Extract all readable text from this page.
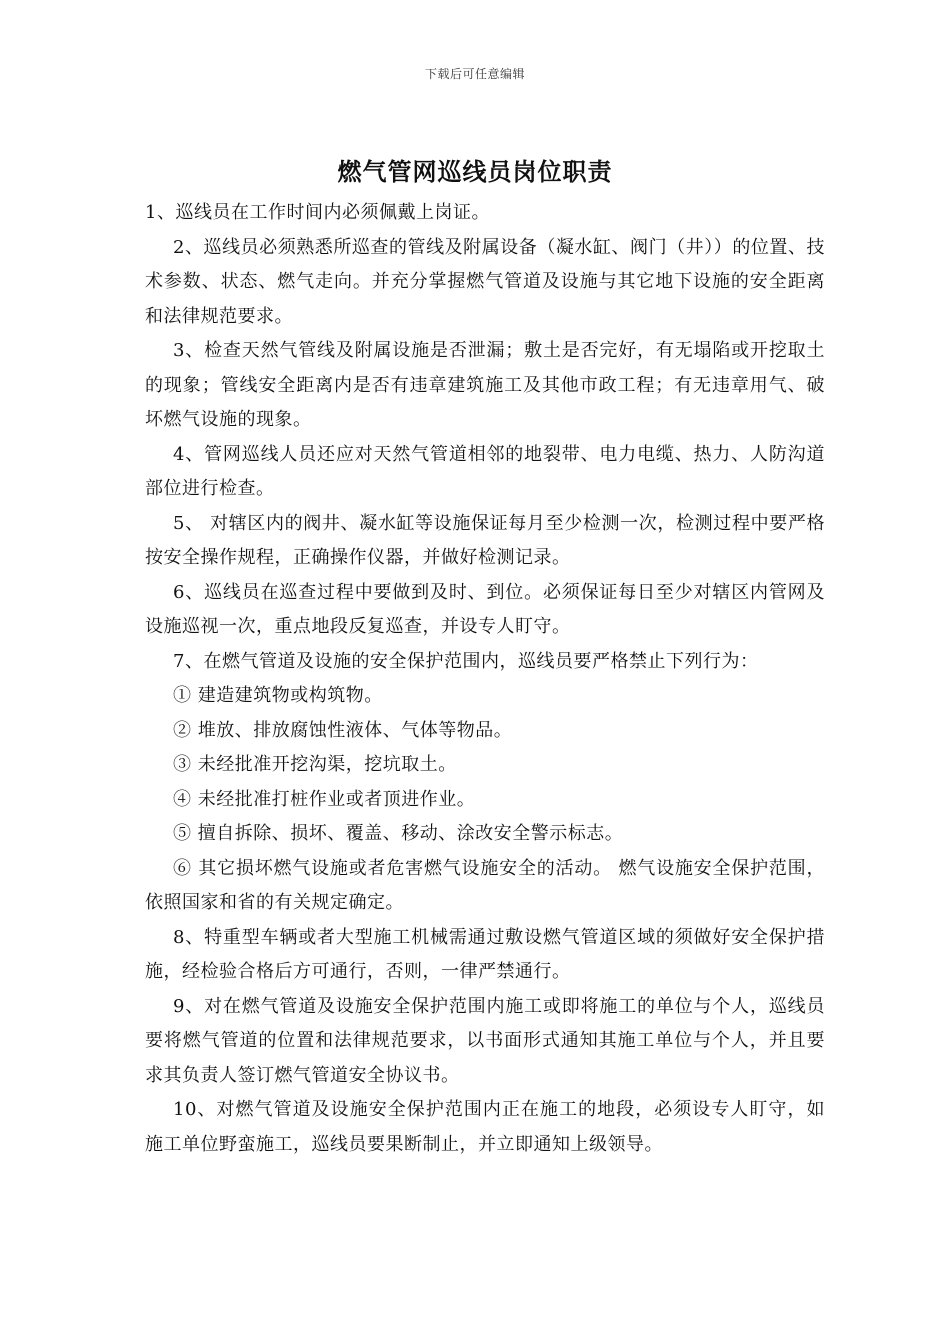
下载后可任意编辑
燃气管网巡线员岗位职责

1、巡线员在工作时间内必须佩戴上岗证。

2、巡线员必须熟悉所巡查的管线及附属设备（凝水缸、阀门（井））的位置、技术参数、状态、燃气走向。并充分掌握燃气管道及设施与其它地下设施的安全距离和法律规范要求。

3、检查天然气管线及附属设施是否泄漏；敷土是否完好，有无塌陷或开挖取土的现象；管线安全距离内是否有违章建筑施工及其他市政工程；有无违章用气、破坏燃气设施的现象。

4、管网巡线人员还应对天然气管道相邻的地裂带、电力电缆、热力、人防沟道部位进行检查。

5、 对辖区内的阀井、凝水缸等设施保证每月至少检测一次，检测过程中要严格按安全操作规程，正确操作仪器，并做好检测记录。

6、巡线员在巡查过程中要做到及时、到位。必须保证每日至少对辖区内管网及设施巡视一次，重点地段反复巡查，并设专人盯守。

7、在燃气管道及设施的安全保护范围内，巡线员要严格禁止下列行为：

① 建造建筑物或构筑物。

② 堆放、排放腐蚀性液体、气体等物品。

③ 未经批准开挖沟渠，挖坑取土。

④ 未经批准打桩作业或者顶进作业。

⑤ 擅自拆除、损坏、覆盖、移动、涂改安全警示标志。

⑥ 其它损坏燃气设施或者危害燃气设施安全的活动。 燃气设施安全保护范围，依照国家和省的有关规定确定。

8、特重型车辆或者大型施工机械需通过敷设燃气管道区域的须做好安全保护措施，经检验合格后方可通行，否则，一律严禁通行。

9、对在燃气管道及设施安全保护范围内施工或即将施工的单位与个人，巡线员要将燃气管道的位置和法律规范要求，以书面形式通知其施工单位与个人，并且要求其负责人签订燃气管道安全协议书。

10、对燃气管道及设施安全保护范围内正在施工的地段，必须设专人盯守，如施工单位野蛮施工，巡线员要果断制止，并立即通知上级领导。
